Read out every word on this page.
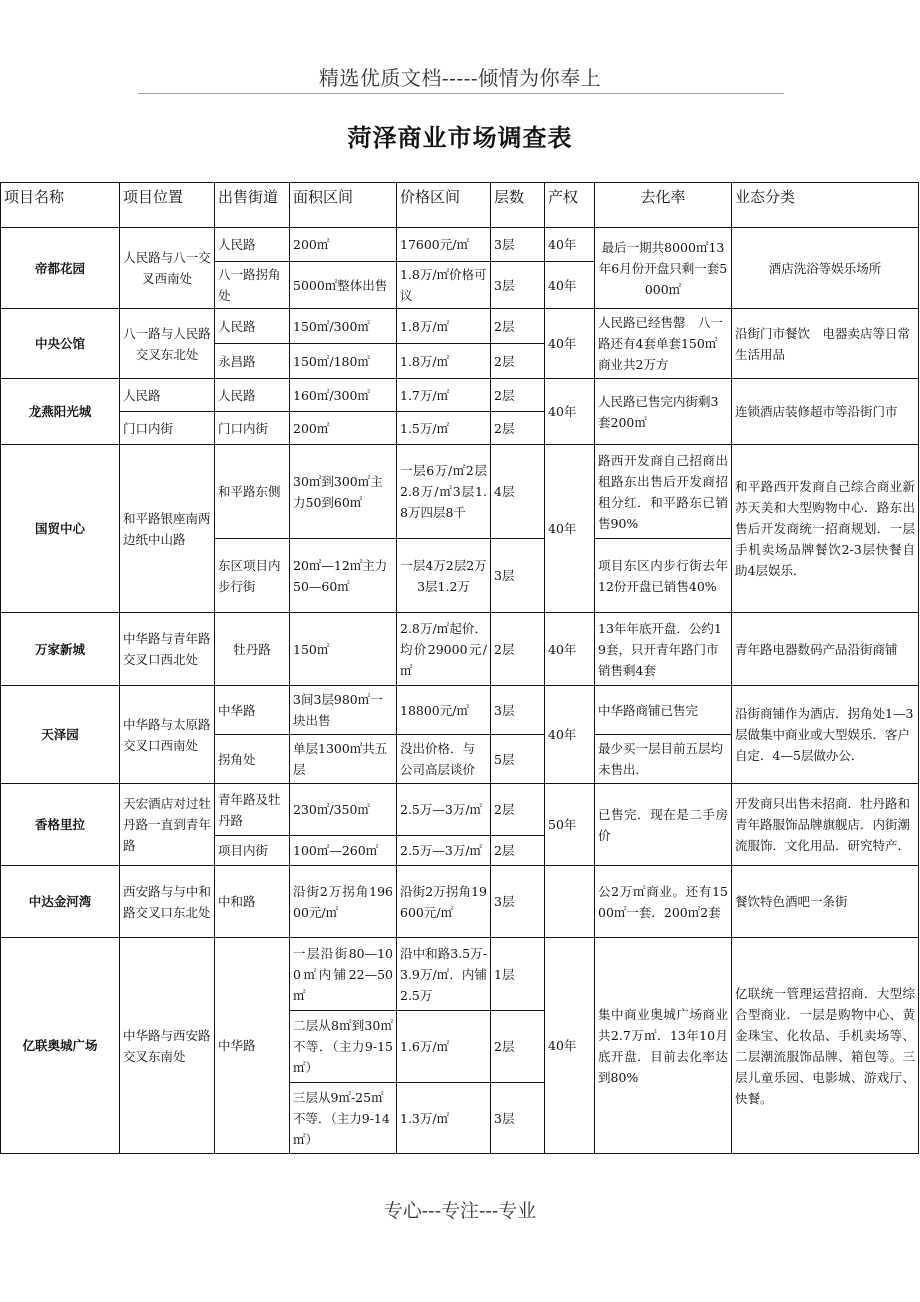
精选优质文档-----倾情为你奉上
菏泽商业市场调查表
项目名称	项目位置	出售街道	面积区间	价格区间	层数	产权	去化率	业态分类
帝都花园	人民路与八一交叉西南处	人民路	200㎡	17600元/㎡	3层	40年	最后一期共8000㎡13年6月份开盘只剩一套5000㎡	酒店洗浴等娱乐场所
		八一路拐角处	5000㎡整体出售	1.8万/㎡价格可议	3层	40年		
中央公馆	八一路与人民路交叉东北处	人民路	150㎡/300㎡	1.8万/㎡	2层	40年	人民路已经售罄　八一路还有4套单套150㎡商业共2万方	沿街门市餐饮　电器卖店等日常生活用品
		永昌路	150㎡/180㎡	1.8万/㎡	2层			
龙燕阳光城	人民路	人民路	160㎡/300㎡	1.7万/㎡	2层	40年	人民路已售完内街剩3套200㎡	连锁酒店装修超市等沿街门市
	门口内街	门口内街	200㎡	1.5万/㎡	2层			
国贸中心	和平路银座南两边纸中山路	和平路东侧	30㎡到300㎡主力50到60㎡	一层6万/㎡2层2.8万/㎡3层1.8万四层8千	4层	40年	路西开发商自己招商出租路东出售后开发商招租分红．和平路东已销售90%	和平路西开发商自己综合商业新苏天美和大型购物中心．路东出售后开发商统一招商规划．一层手机卖场品牌餐饮2-3层快餐自助4层娱乐．
		东区项目内步行街	20㎡—12㎡主力50—60㎡	一层4万2层2万3层1.2万	3层		项目东区内步行街去年12份开盘已销售40%	
万家新城	中华路与青年路交叉口西北处	牡丹路	150㎡	2.8万/㎡起价．均价29000元/㎡	2层	40年	13年年底开盘．公约19套，只开青年路门市销售剩4套	青年路电器数码产品沿街商铺
天泽园	中华路与太原路交叉口西南处	中华路	3间3层980㎡一块出售	18800元/㎡	3层	40年	中华路商铺已售完	沿街商铺作为酒店．拐角处1—3层做集中商业或大型娱乐．客户自定．4—5层做办公．
		拐角处	单层1300㎡共五层	没出价格．与公司高层谈价	5层		最少买一层目前五层均未售出．	
香格里拉	天宏酒店对过牡丹路一直到青年路	青年路及牡丹路	230㎡/350㎡	2.5万—3万/㎡	2层	50年	已售完．现在是二手房价	开发商只出售未招商．牡丹路和青年路服饰品牌旗舰店．内街潮流服饰．文化用品．研究特产．
		项目内街	100㎡—260㎡	2.5万—3万/㎡	2层			
中达金河湾	西安路与与中和路交叉口东北处	中和路	沿街2万拐角19600元/㎡	沿街2万拐角19600元/㎡	3层		公2万㎡商业。还有1500㎡一套．200㎡2套	餐饮特色酒吧一条街
亿联奥城广场	中华路与西安路交叉东南处	中华路	一层沿街80—100㎡内铺22—50㎡	沿中和路3.5万-3.9万/㎡．内铺2.5万	1层	40年	集中商业奥城广场商业共2.7万㎡．13年10月底开盘．目前去化率达到80%	亿联统一管理运营招商．大型综合型商业．一层是购物中心、黄金珠宝、化妆品、手机卖场等、二层潮流服饰品牌、箱包等。三层儿童乐园、电影城、游戏厅、快餐。
			二层从8㎡到30㎡不等．（主力9-15㎡）	1.6万/㎡	2层			
			三层从9㎡-25㎡不等．（主力9-14㎡）	1.3万/㎡	3层			
专心---专注---专业
